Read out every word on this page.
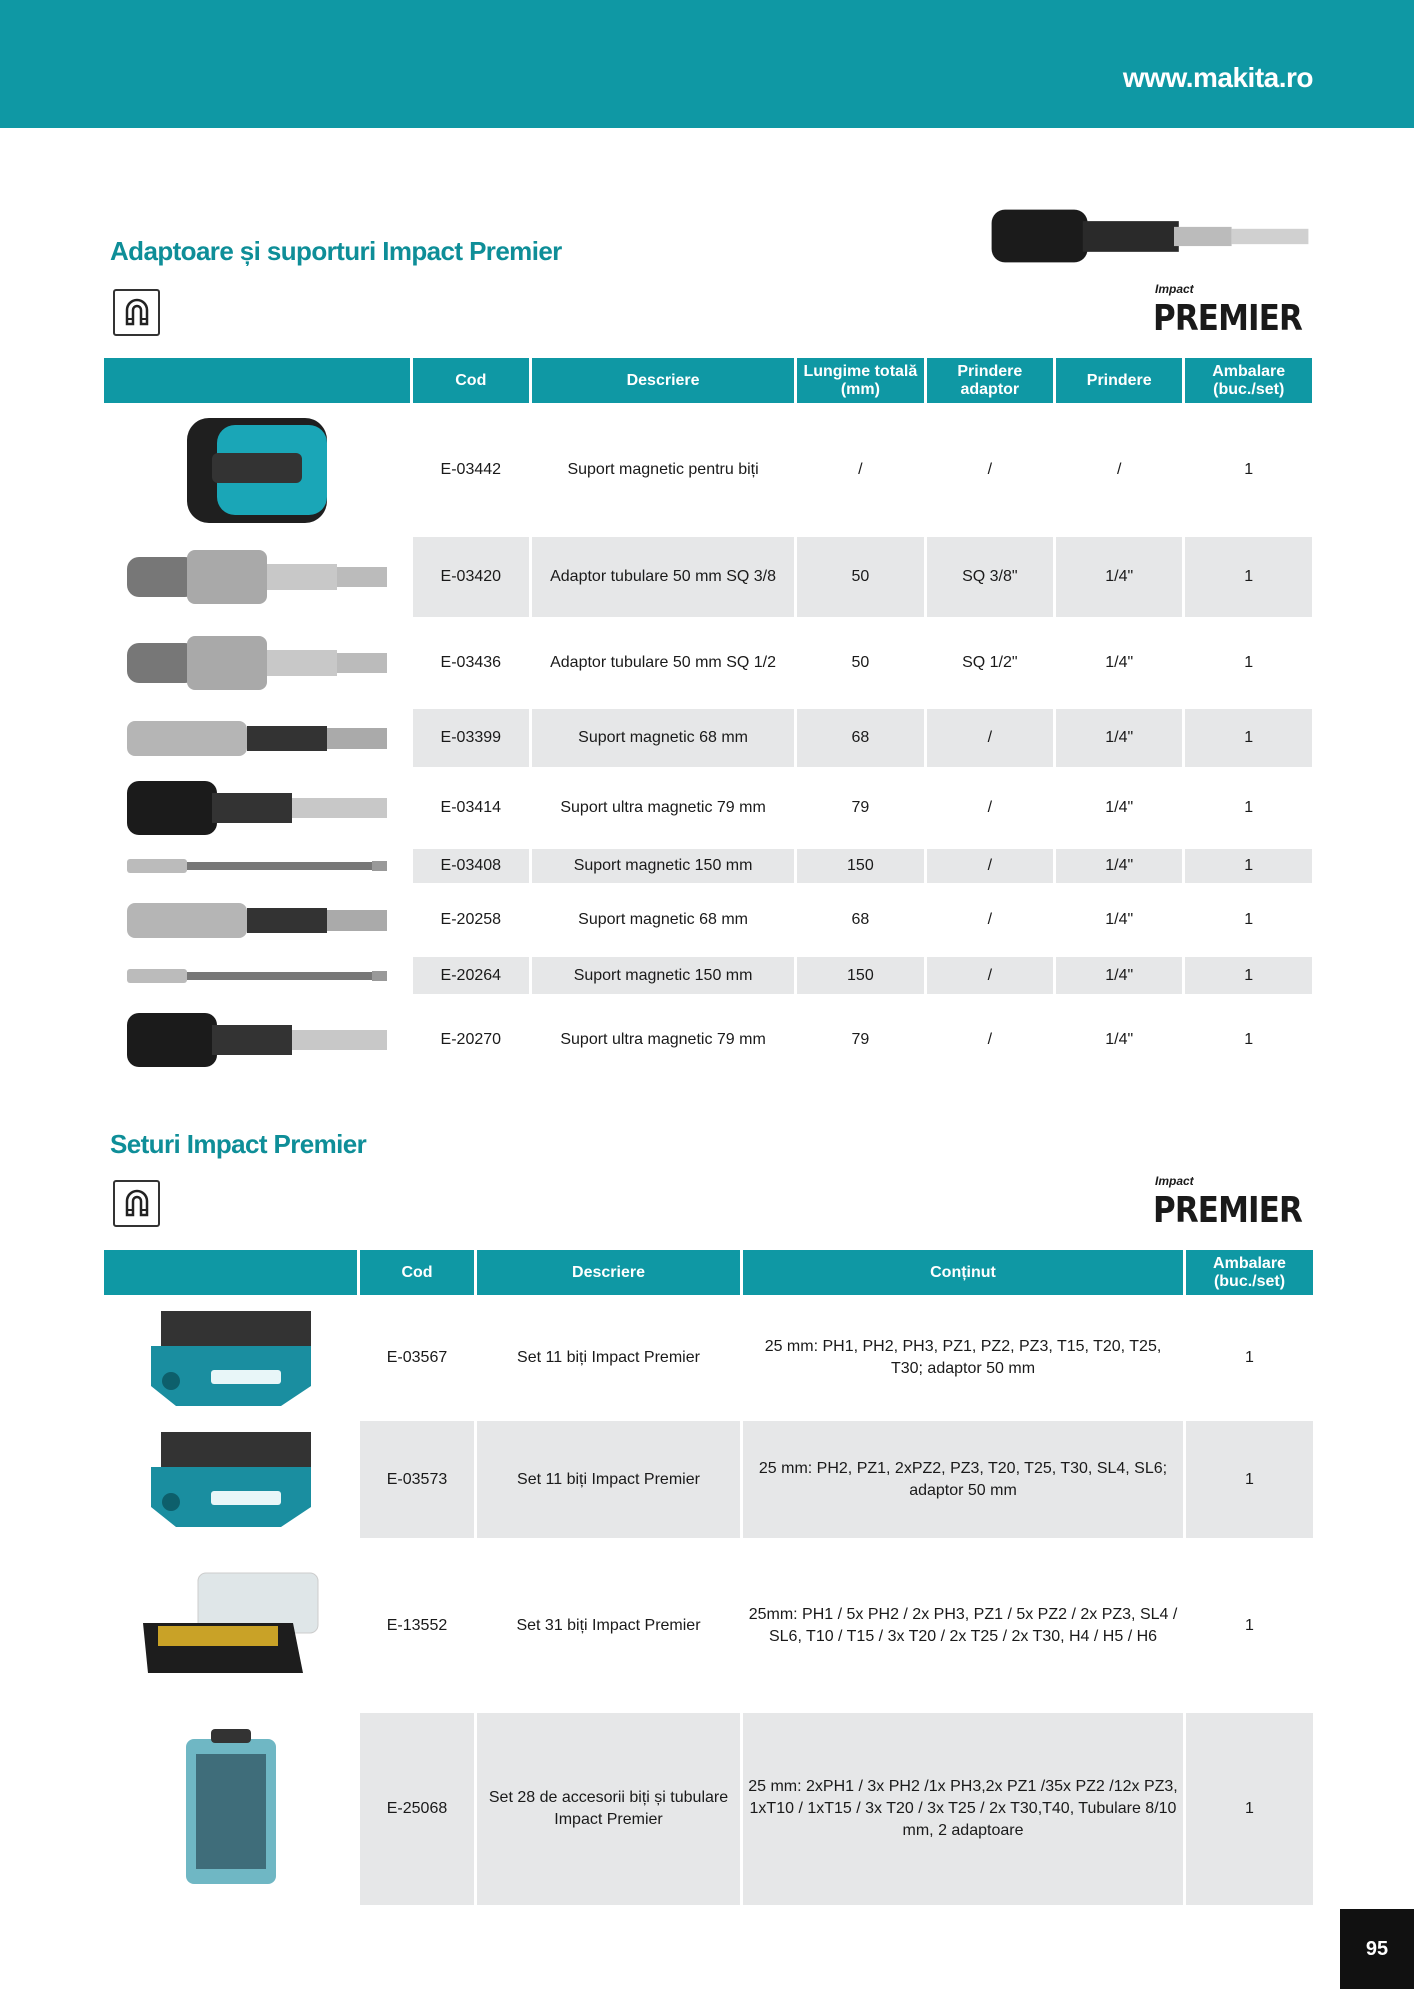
www.makita.ro
Adaptoare și suporturi Impact Premier
Impact
PREMIER
	Cod	Descriere	Lungime totală (mm)	Prindere adaptor	Prindere	Ambalare (buc./set)

	E-03442	Suport magnetic pentru biți	/	/	/	1

	E-03420	Adaptor tubulare 50 mm SQ 3/8	50	SQ 3/8"	1/4"	1

	E-03436	Adaptor tubulare 50 mm SQ 1/2	50	SQ 1/2"	1/4"	1

	E-03399	Suport magnetic 68 mm	68	/	1/4"	1

	E-03414	Suport ultra magnetic 79 mm	79	/	1/4"	1

	E-03408	Suport magnetic 150 mm	150	/	1/4"	1

	E-20258	Suport magnetic 68 mm	68	/	1/4"	1

	E-20264	Suport magnetic 150 mm	150	/	1/4"	1

	E-20270	Suport ultra magnetic 79 mm	79	/	1/4"	1
Seturi Impact Premier
Impact
PREMIER
	Cod	Descriere	Conținut	Ambalare (buc./set)

	E-03567	Set 11 biți Impact Premier	25 mm: PH1, PH2, PH3, PZ1, PZ2, PZ3, T15, T20, T25, T30; adaptor 50 mm	1

	E-03573	Set 11 biți Impact Premier	25 mm: PH2, PZ1, 2xPZ2, PZ3, T20, T25, T30, SL4, SL6; adaptor 50 mm	1

	E-13552	Set 31 biți Impact Premier	25mm: PH1 / 5x PH2 / 2x PH3, PZ1 / 5x PZ2 / 2x PZ3, SL4 / SL6, T10 / T15 / 3x T20 / 2x T25 / 2x T30, H4 / H5 / H6	1

	E-25068	Set 28 de accesorii biți și tubulare Impact Premier	25 mm: 2xPH1 / 3x PH2 /1x PH3,2x PZ1 /35x PZ2 /12x PZ3, 1xT10 / 1xT15 / 3x T20 / 3x T25 / 2x T30,T40, Tubulare 8/10 mm, 2 adaptoare	1
95
